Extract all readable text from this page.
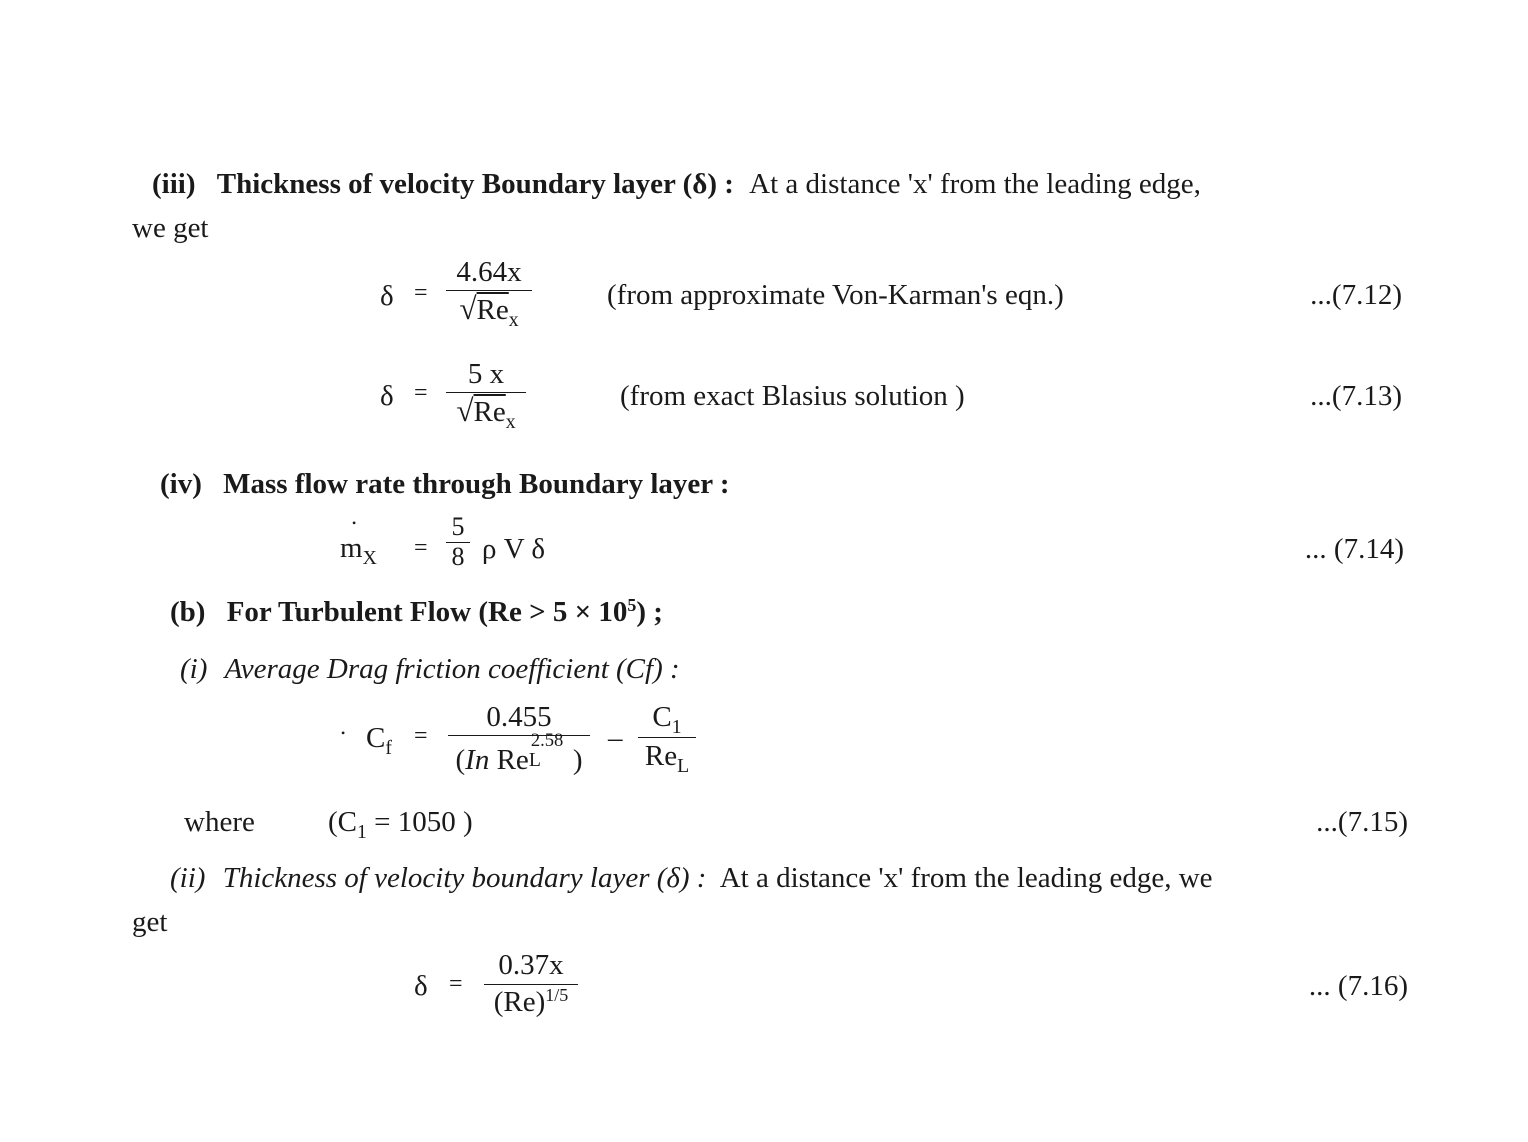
(iii) Thickness of velocity Boundary layer (δ) : At a distance 'x' from the leading edge,
we get
δ =
4.64x
$√Re_x$
(from approximate Von-Karman's eqn.)	...(7.12)
δ =
5 x
$√Re_x$
(from exact Blasius solution )	...(7.13)
(iv) Mass flow rate through Boundary layer :
$m_X$
•
=
5
8 ρ V δ	... (7.14)
(b) For Turbulent Flow $(Re > 5 \times 10^5)$ ;
(i) Average Drag friction coefficient (Cf) :
• $C_f$ =
0.455
(In Re L
2.58
)
–
$C_1$
$Re_L$
where	($C_1 = 1050$ )	...(7.15)
(ii) Thickness of velocity boundary layer (δ) : At a distance 'x' from the leading edge, we
get
δ =
0.37x
$(Re)^{1/5}$	... (7.16)
